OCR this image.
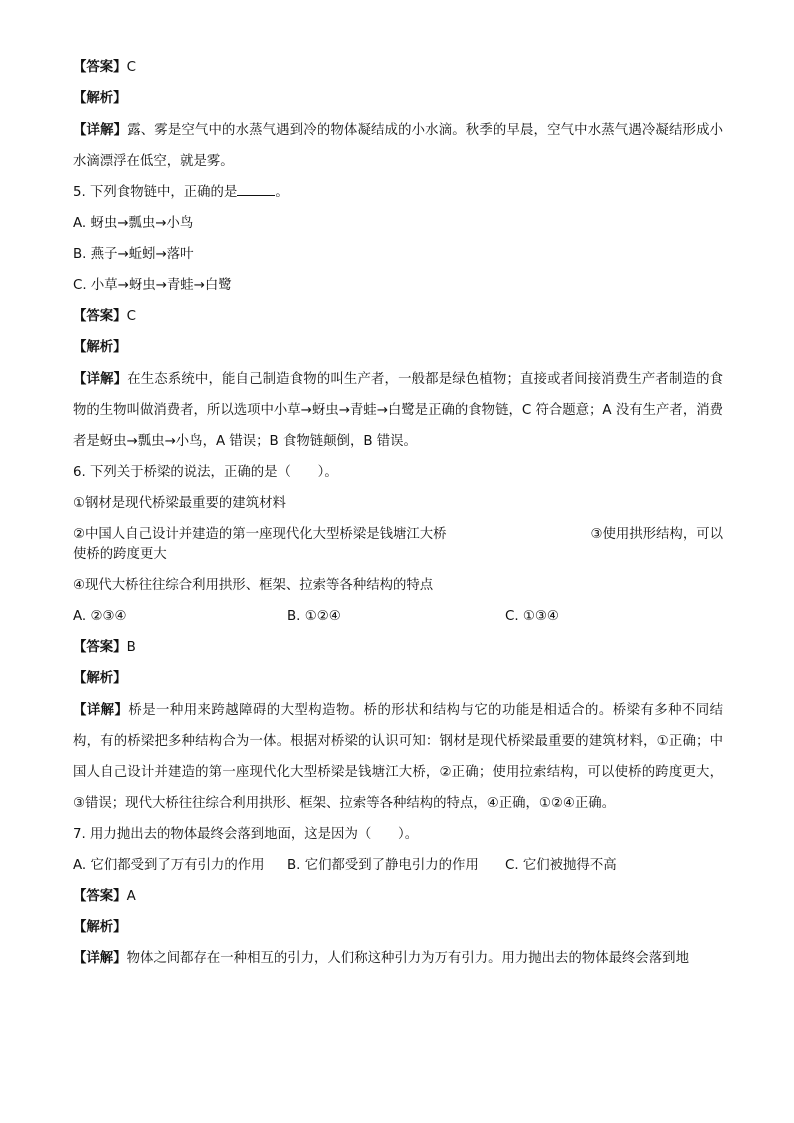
【答案】C

【解析】

【详解】露、雾是空气中的水蒸气遇到冷的物体凝结成的小水滴。秋季的早晨，空气中水蒸气遇冷凝结形成小水滴漂浮在低空，就是雾。

5. 下列食物链中，正确的是	。

A. 蚜虫→瓢虫→小鸟

B. 燕子→蚯蚓→落叶

C. 小草→蚜虫→青蛙→白鹭

【答案】C

【解析】

【详解】在生态系统中，能自己制造食物的叫生产者，一般都是绿色植物；直接或者间接消费生产者制造的食物的生物叫做消费者，所以选项中小草→蚜虫→青蛙→白鹭是正确的食物链，C 符合题意；A 没有生产者，消费者是蚜虫→瓢虫→小鸟，A 错误；B 食物链颠倒，B 错误。

6. 下列关于桥梁的说法，正确的是（　　）。

①钢材是现代桥梁最重要的建筑材料

②中国人自己设计并建造的第一座现代化大型桥梁是钱塘江大桥	③使用拱形结构，可以

使桥的跨度更大

④现代大桥往往综合利用拱形、框架、拉索等各种结构的特点

A. ②③④	B. ①②④	C. ①③④

【答案】B

【解析】

【详解】桥是一种用来跨越障碍的大型构造物。桥的形状和结构与它的功能是相适合的。桥梁有多种不同结构，有的桥梁把多种结构合为一体。根据对桥梁的认识可知：钢材是现代桥梁最重要的建筑材料，①正确；中国人自己设计并建造的第一座现代化大型桥梁是钱塘江大桥，②正确；使用拉索结构，可以使桥的跨度更大，③错误；现代大桥往往综合利用拱形、框架、拉索等各种结构的特点，④正确，①②④正确。

7. 用力抛出去的物体最终会落到地面，这是因为（　　）。

A. 它们都受到了万有引力的作用	B. 它们都受到了静电引力的作用	C. 它们被抛得不高

【答案】A

【解析】

【详解】物体之间都存在一种相互的引力，人们称这种引力为万有引力。用力抛出去的物体最终会落到地
